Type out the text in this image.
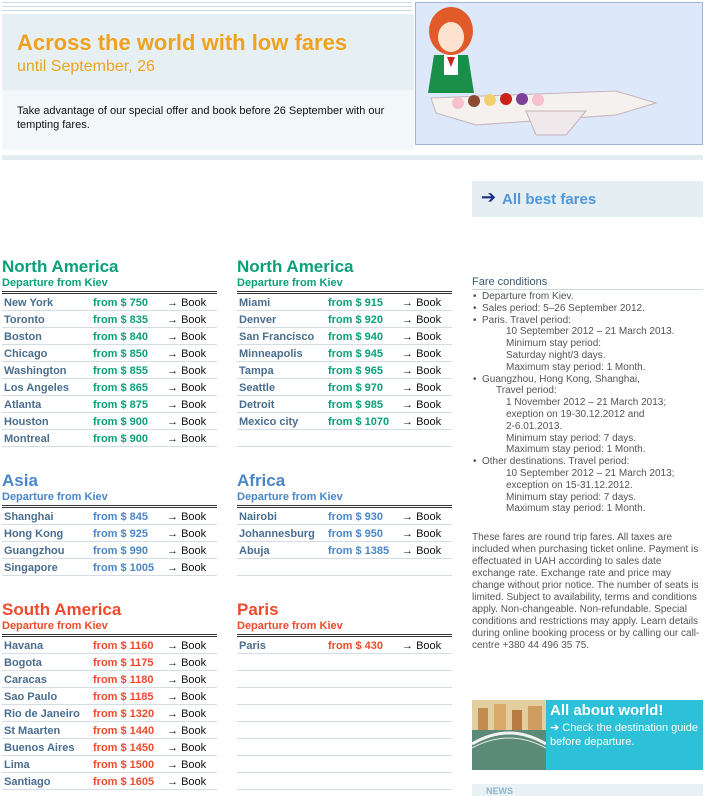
Across the world with low fares
until September, 26
Take advantage of our special offer and book before 26 September with our tempting fares.
➔ All best fares
Fare conditions
• Departure from Kiev.
• Sales period: 5–26 September 2012.
• Paris. Travel period:
10 September 2012 – 21 March 2013.
Minimum stay period:
Saturday night/3 days.
Maximum stay period: 1 Month.
• Guangzhou, Hong Kong, Shanghai,
Travel period:
1 November 2012 – 21 March 2013;
exeption on 19-30.12.2012 and
2-6.01.2013.
Minimum stay period: 7 days.
Maximum stay period: 1 Month.
• Other destinations. Travel period:
10 September 2012 – 21 March 2013;
exception on 15-31.12.2012.
Minimum stay period: 7 days.
Maximum stay period: 1 Month.
These fares are round trip fares. All taxes are included when purchasing ticket online. Payment is effectuated in UAH according to sales date exchange rate. Exchange rate and price may change without prior notice. The number of seats is limited. Subject to availability, terms and conditions apply. Non-changeable. Non-refundable. Special conditions and restrictions may apply. Learn details during online booking process or by calling our call-centre +380 44 496 35 75.
All about world!
➔ Check the destination guide before departure.
NEWS
North America
Departure from Kiev
New York	from $ 750 → Book
Toronto	from $ 835 → Book
Boston	from $ 840 → Book
Chicago	from $ 850 → Book
Washington from $ 855 → Book
Los Angeles from $ 865 → Book
Atlanta	from $ 875 → Book
Houston	from $ 900 → Book
Montreal	from $ 900 → Book
North America
Departure from Kiev
Miami	from $ 915 → Book
Denver	from $ 920 → Book
San Francisco from $ 940 → Book
Minneapolis from $ 945 → Book
Tampa	from $ 965 → Book
Seattle	from $ 970 → Book
Detroit	from $ 985 → Book
Mexico city	from $ 1070 → Book
Asia
Departure from Kiev
Shanghai	from $ 845 → Book
Hong Kong	from $ 925 → Book
Guangzhou	from $ 990 → Book
Singapore	from $ 1005 → Book
Africa
Departure from Kiev
Nairobi	from $ 930 → Book
Johannesburg from $ 950 → Book
Abuja	from $ 1385 → Book
South America
Departure from Kiev
Havana	from $ 1160 → Book
Bogota	from $ 1175 → Book
Caracas	from $ 1180 → Book
Sao Paulo	from $ 1185 → Book
Rio de Janeiro from $ 1320 → Book
St Maarten	from $ 1440 → Book
Buenos Aires from $ 1450 → Book
Lima	from $ 1500 → Book
Santiago	from $ 1605 → Book
Paris
Departure from Kiev
Paris	from $ 430 → Book
